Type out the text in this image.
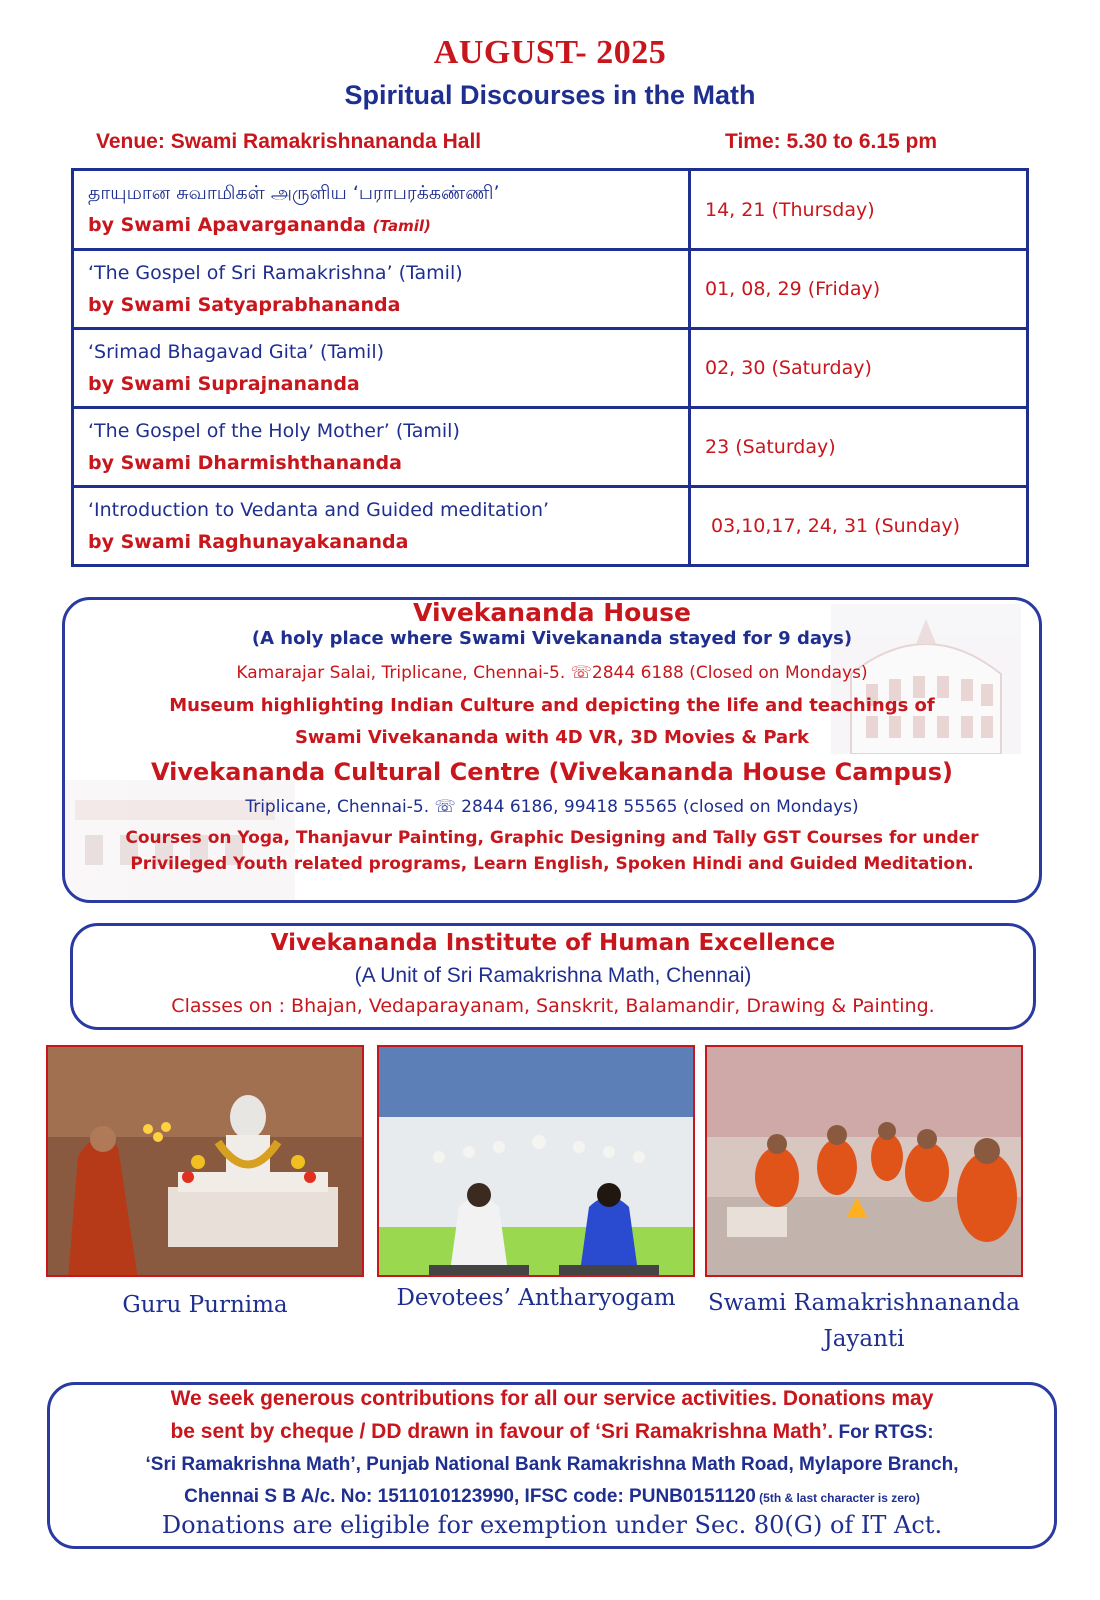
AUGUST- 2025
Spiritual Discourses in the Math
Venue: Swami Ramakrishnananda Hall	Time: 5.30 to 6.15 pm
தாயுமான சுவாமிகள் அருளிய ‘பராபரக்கண்ணி’
by Swami Apavargananda (Tamil)	14, 21 (Thursday)

‘The Gospel of Sri Ramakrishna’ (Tamil)
by Swami Satyaprabhananda	01, 08, 29 (Friday)

‘Srimad Bhagavad Gita’ (Tamil)
by Swami Suprajnananda	02, 30 (Saturday)

‘The Gospel of the Holy Mother’ (Tamil)
by Swami Dharmishthananda	23 (Saturday)

‘Introduction to Vedanta and Guided meditation’
by Swami Raghunayakananda	03,10,17, 24, 31 (Sunday)
Vivekananda House
(A holy place where Swami Vivekananda stayed for 9 days)
Kamarajar Salai, Triplicane, Chennai-5. ☏2844 6188 (Closed on Mondays)
Museum highlighting Indian Culture and depicting the life and teachings of
Swami Vivekananda with 4D VR, 3D Movies & Park
Vivekananda Cultural Centre (Vivekananda House Campus)
Triplicane, Chennai-5. ☏ 2844 6186, 99418 55565 (closed on Mondays)
Courses on Yoga, Thanjavur Painting, Graphic Designing and Tally GST Courses for under
Privileged Youth related programs, Learn English, Spoken Hindi and Guided Meditation.
Vivekananda Institute of Human Excellence
(A Unit of Sri Ramakrishna Math, Chennai)
Classes on : Bhajan, Vedaparayanam, Sanskrit, Balamandir, Drawing & Painting.
Guru Purnima	Devotees’ Antharyogam	Swami Ramakrishnananda
Jayanti
We seek generous contributions for all our service activities. Donations may
be sent by cheque / DD drawn in favour of ‘Sri Ramakrishna Math’. For RTGS:
‘Sri Ramakrishna Math’, Punjab National Bank Ramakrishna Math Road, Mylapore Branch,
Chennai S B A/c. No: 1511010123990, IFSC code: PUNB0151120 (5th & last character is zero)
Donations are eligible for exemption under Sec. 80(G) of IT Act.
